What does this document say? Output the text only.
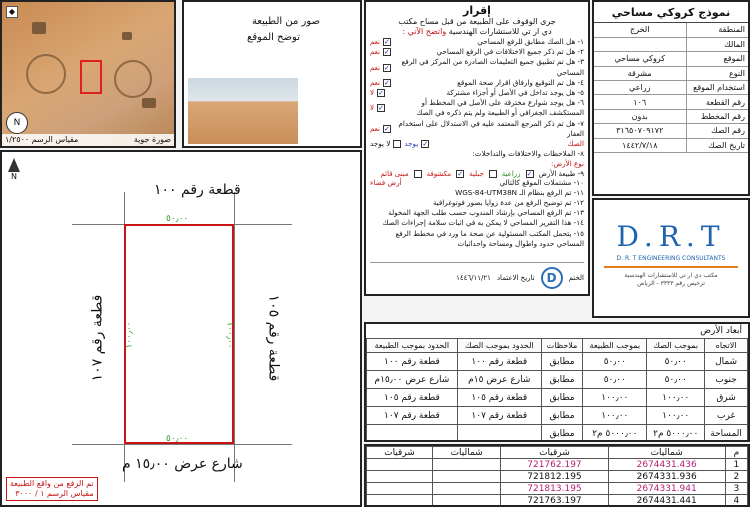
◆
N
صورة جوية
مقياس الرسم ١/٢٥٠٠
صور من الطبيعة
توضح الموقع
N
قطعة رقم ١٠٠
شارع عرض ١٥٫٠٠ م
قطعة رقم ١٠٧	قطعة رقم ١٠٥
٥٠٫٠٠
٥٠٫٠٠
١٠٠٫٠٠	١٠٠٫٠٠
تم الرفع من واقع الطبيعة
مقياس الرسم ١ / ٣٠٠٠
إقرار
جرى الوقوف على الطبيعة من قبل مساح مكتب
دي ار تي للاستشارات الهندسية واتضح الآتي :
١- هل الصك مطابق للرفع المساحي
✓
نعم
٢- هل تم ذكر جميع الاختلافات في الرفع المساحي
✓
نعم
٣- هل تم تطبيق جميع التعليمات الصادرة من المركز في الرفع المساحي
✓
نعم
٤- هل تم التوقيع وارفاق اقرار صحة الموقع
✓
نعم
٥- هل يوجد تداخل في الأصل أو أجزاء مشتركة
✓
لا
٦- هل يوجد شوارع مخترقة على الأصل في المخطط أو المستكشف الجغرافي أو الطبيعة ولم يتم ذكره في الصك
✓
لا
٧- هل تم ذكر المرجع المعتمد عليه في الاستدلال على استخدام العقار
✓
نعم
الصك
✓
يوجد
لا يوجد
٨- الملاحظات والاختلافات والتداخلات:
نوع الأرض:
٩- طبيعة الأرض
✓
زراعية
جبلية
✓
مكشوفة
مبنى قائم
١٠- مشتملات الموقع كالتالي
أرض فضاء
١١- تم الرفع بنظام الـ WGS-84-UTM38N
١٢- تم توضيح الرفع من عدة زوايا بصور فوتوغرافية
١٣- تم الرفع المساحي بإرشاد المندوب حسب طلب الجهة المخولة
١٤- هذا التقرير المساحي لا يمكن به في اثبات سلامة إجراءات الصك
١٥- يتحمل المكتب المسئولية عن صحة ما ورد في مخطط الرفع المساحي حدود واطوال ومساحة واحداثيات
الختم
D
تاريخ الاعتماد
١٤٤٦/١١/٢١
نموذج كروكي مساحي
المنطقة	الخرج
المالك	
الموقع	كروكي مساحي
النوع	مشرقة
استخدام الموقع	زراعي
رقم القطعة	١٠٦
رقم المخطط	بدون
رقم الصك	٣١٦٥٠٧٠٩١٧٢
تاريخ الصك	١٤٤٢/٧/١٨
D.R.T
D. R. T ENGINEERING CONSULTANTS
مكتب دي ار تي للاستشارات الهندسية
ترخيص رقم ٣٣٣٣ - الرياض
أبعاد الأرض
الاتجاه	بموجب الصك	بموجب الطبيعة	ملاحظات	الحدود بموجب الصك	الحدود بموجب الطبيعة
شمال	٥٠٫٠٠	٥٠٫٠٠	مطابق	قطعة رقم ١٠٠	قطعة رقم ١٠٠
جنوب	٥٠٫٠٠	٥٠٫٠٠	مطابق	شارع عرض ١٥م	شارع عرض ١٥٫٠٠م
شرق	١٠٠٫٠٠	١٠٠٫٠٠	مطابق	قطعة رقم ١٠٥	قطعة رقم ١٠٥
غرب	١٠٠٫٠٠	١٠٠٫٠٠	مطابق	قطعة رقم ١٠٧	قطعة رقم ١٠٧
المساحة	٥٠٠٠٫٠٠ م٢	٥٠٠٠٫٠٠ م٢	مطابق		
م	شماليات	شرقيات	شماليات	شرقيات
1	2674431.436	721762.197		
2	2674331.936	721812.195		
3	2674331.941	721813.195		
4	2674431.441	721763.197		
